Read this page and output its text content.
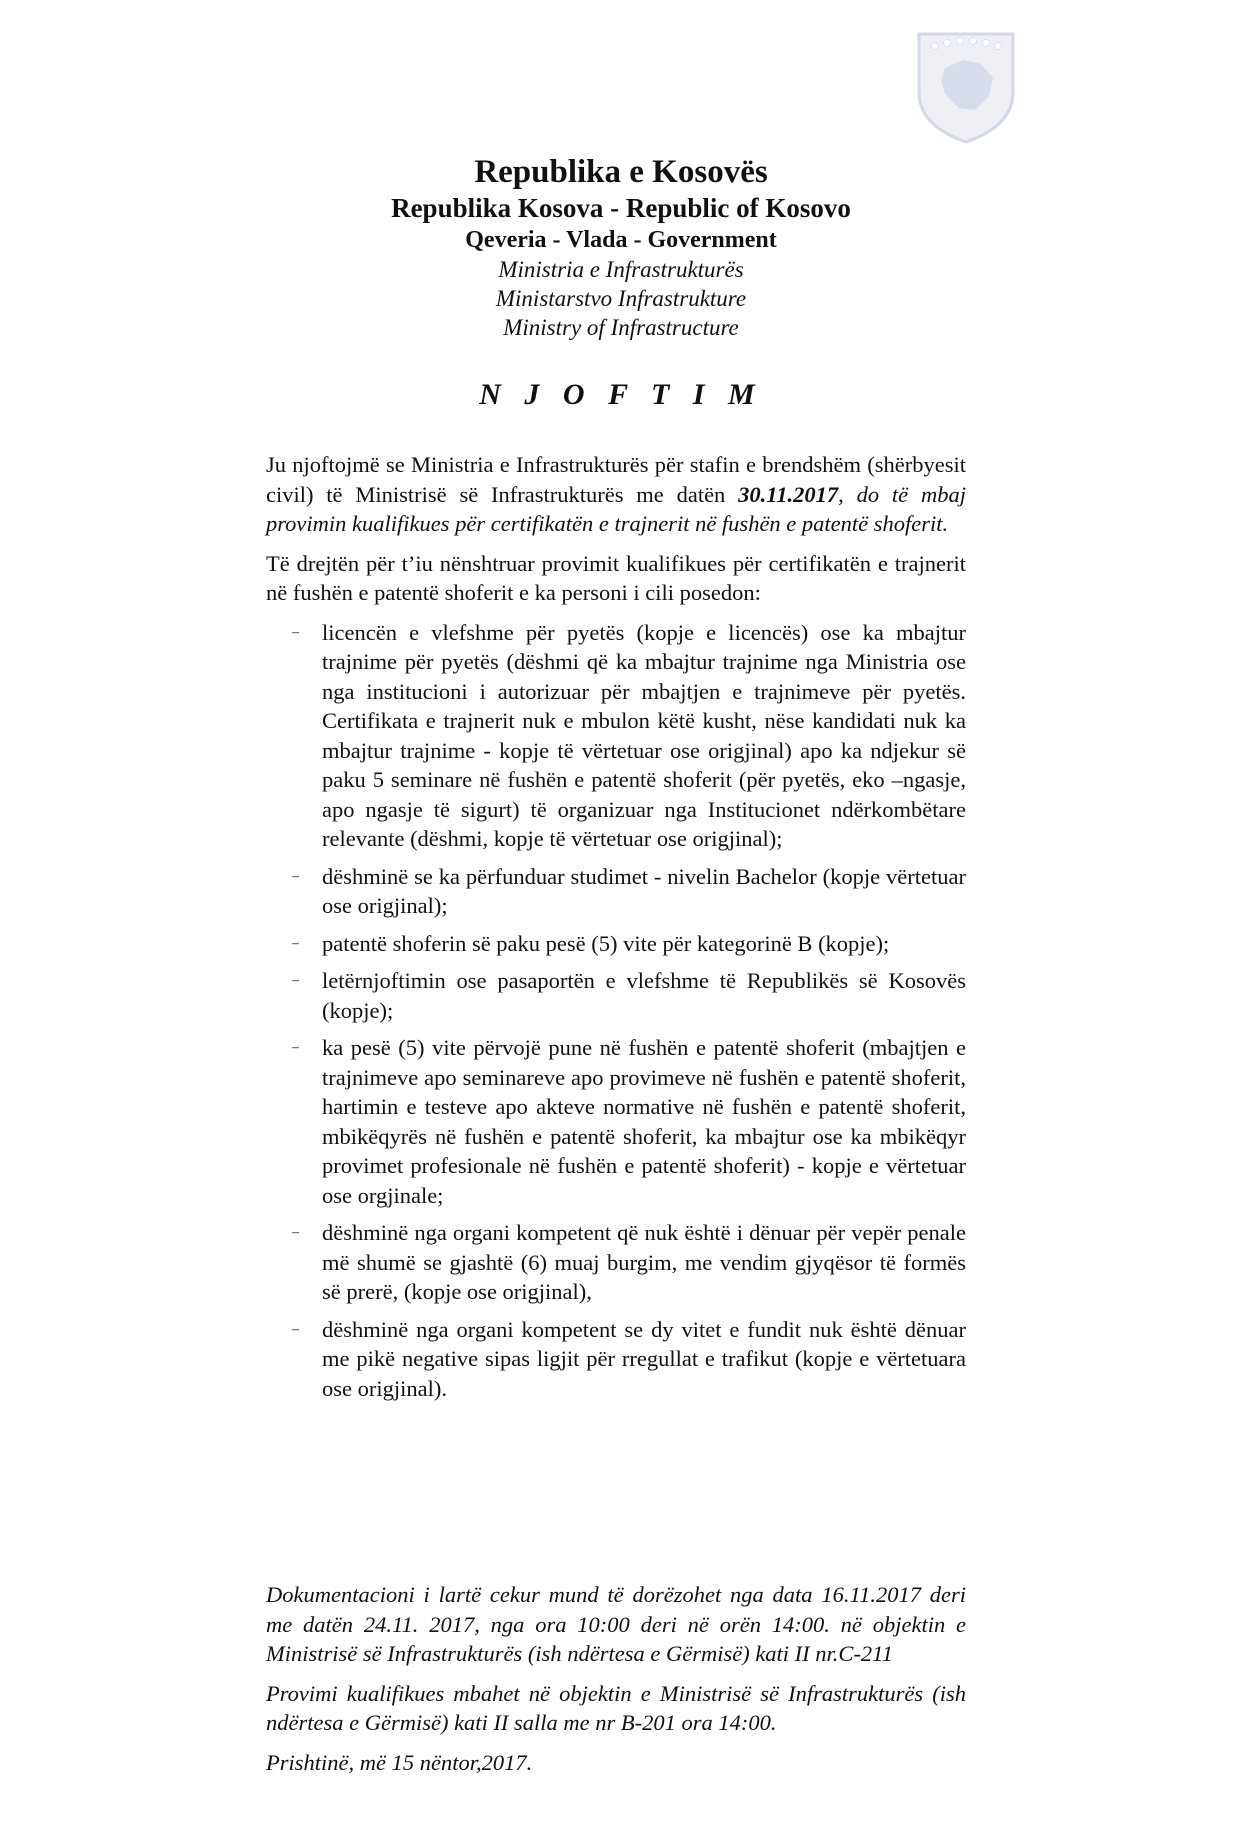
Republika e Kosovës
Republika Kosova - Republic of Kosovo
Qeveria - Vlada - Government
Ministria e Infrastrukturës
Ministarstvo Infrastrukture
Ministry of Infrastructure
N J O F T I M

Ju njoftojmë se Ministria e Infrastrukturës për stafin e brendshëm (shërbyesit civil) të Ministrisë së Infrastrukturës me datën 30.11.2017, do të mbaj provimin kualifikues për certifikatën e trajnerit në fushën e patentë shoferit.

Të drejtën për t’iu nënshtruar provimit kualifikues për certifikatën e trajnerit në fushën e patentë shoferit e ka personi i cili posedon:

– licencën e vlefshme për pyetës (kopje e licencës) ose ka mbajtur trajnime për pyetës (dëshmi që ka mbajtur trajnime nga Ministria ose nga institucioni i autorizuar për mbajtjen e trajnimeve për pyetës. Certifikata e trajnerit nuk e mbulon këtë kusht, nëse kandidati nuk ka mbajtur trajnime - kopje të vërtetuar ose origjinal) apo ka ndjekur së paku 5 seminare në fushën e patentë shoferit (për pyetës, eko –ngasje, apo ngasje të sigurt) të organizuar nga Institucionet ndërkombëtare relevante (dëshmi, kopje të vërtetuar ose origjinal);
– dëshminë se ka përfunduar studimet - nivelin Bachelor (kopje vërtetuar ose origjinal);
– patentë shoferin së paku pesë (5) vite për kategorinë B (kopje);
– letërnjoftimin ose pasaportën e vlefshme të Republikës së Kosovës (kopje);
– ka pesë (5) vite përvojë pune në fushën e patentë shoferit (mbajtjen e trajnimeve apo seminareve apo provimeve në fushën e patentë shoferit, hartimin e testeve apo akteve normative në fushën e patentë shoferit, mbikëqyrës në fushën e patentë shoferit, ka mbajtur ose ka mbikëqyr provimet profesionale në fushën e patentë shoferit) - kopje e vërtetuar ose orgjinale;
– dëshminë nga organi kompetent që nuk është i dënuar për vepër penale më shumë se gjashtë (6) muaj burgim, me vendim gjyqësor të formës së prerë, (kopje ose origjinal),
– dëshminë nga organi kompetent se dy vitet e fundit nuk është dënuar me pikë negative sipas ligjit për rregullat e trafikut (kopje e vërtetuara ose origjinal).

Dokumentacioni i lartë cekur mund të dorëzohet nga data 16.11.2017 deri me datën 24.11. 2017, nga ora 10:00 deri në orën 14:00. në objektin e Ministrisë së Infrastrukturës (ish ndërtesa e Gërmisë) kati II nr.C-211

Provimi kualifikues mbahet në objektin e Ministrisë së Infrastrukturës (ish ndërtesa e Gërmisë) kati II salla me nr B-201 ora 14:00.

Prishtinë, më 15 nëntor,2017.
